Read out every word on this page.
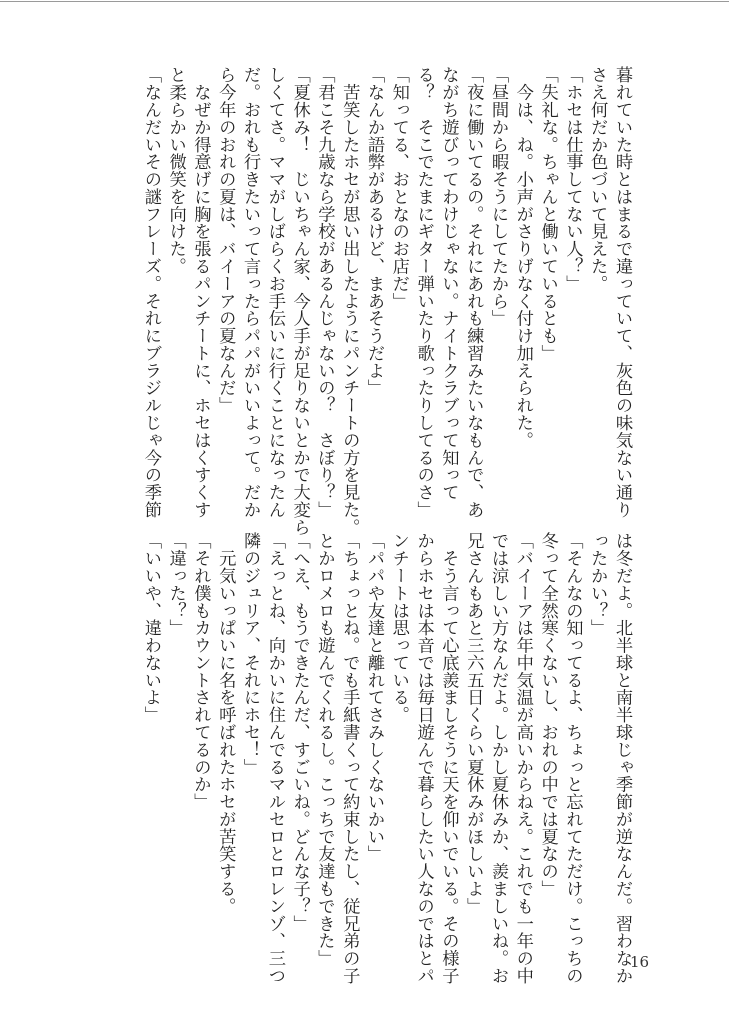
暮れていた時とはまるで違っていて、灰色の味気ない通り
さえ何だか色づいて見えた。
「ホセは仕事してない人？」
「失礼な。ちゃんと働いているとも」
　今は、ね。小声がさりげなく付け加えられた。
「昼間から暇そうにしてたから」
「夜に働いてるの。それにあれも練習みたいなもんで、あ
ながち遊びってわけじゃない。ナイトクラブって知って
る？　そこでたまにギター弾いたり歌ったりしてるのさ」
「知ってる、おとなのお店だ」
「なんか語弊があるけど、まあそうだよ」
　苦笑したホセが思い出したようにパンチートの方を見た。
「君こそ九歳なら学校があるんじゃないの？　さぼり？」
「夏休み！　じいちゃん家、今人手が足りないとかで大変ら
しくてさ。ママがしばらくお手伝いに行くことになったん
だ。おれも行きたいって言ったらパパがいいよって。だか
ら今年のおれの夏は、バイーアの夏なんだ」
　なぜか得意げに胸を張るパンチートに、ホセはくすくす
と柔らかい微笑を向けた。
「なんだいその謎フレーズ。それにブラジルじゃ今の季節
は冬だよ。北半球と南半球じゃ季節が逆なんだ。習わなか
ったかい？」
「そんなの知ってるよ、ちょっと忘れてただけ。こっちの
冬って全然寒くないし、おれの中では夏なの」
「バイーアは年中気温が高いからねえ。これでも一年の中
では涼しい方なんだよ。しかし夏休みか、羨ましいね。お
兄さんもあと三六五日くらい夏休みがほしいよ」
　そう言って心底羨ましそうに天を仰いでいる。その様子
からホセは本音では毎日遊んで暮らしたい人なのではとパ
ンチートは思っている。
「パパや友達と離れてさみしくないかい」
「ちょっとね。でも手紙書くって約束したし、従兄弟の子
とかロメロも遊んでくれるし。こっちで友達もできた」
「へえ、もうできたんだ、すごいね。どんな子？」
「えっとね、向かいに住んでるマルセロとロレンゾ、三つ
隣のジュリア、それにホセ！」
　元気いっぱいに名を呼ばれたホセが苦笑する。
「それ僕もカウントされてるのか」
「違った？」
「いいや、違わないよ」
16
